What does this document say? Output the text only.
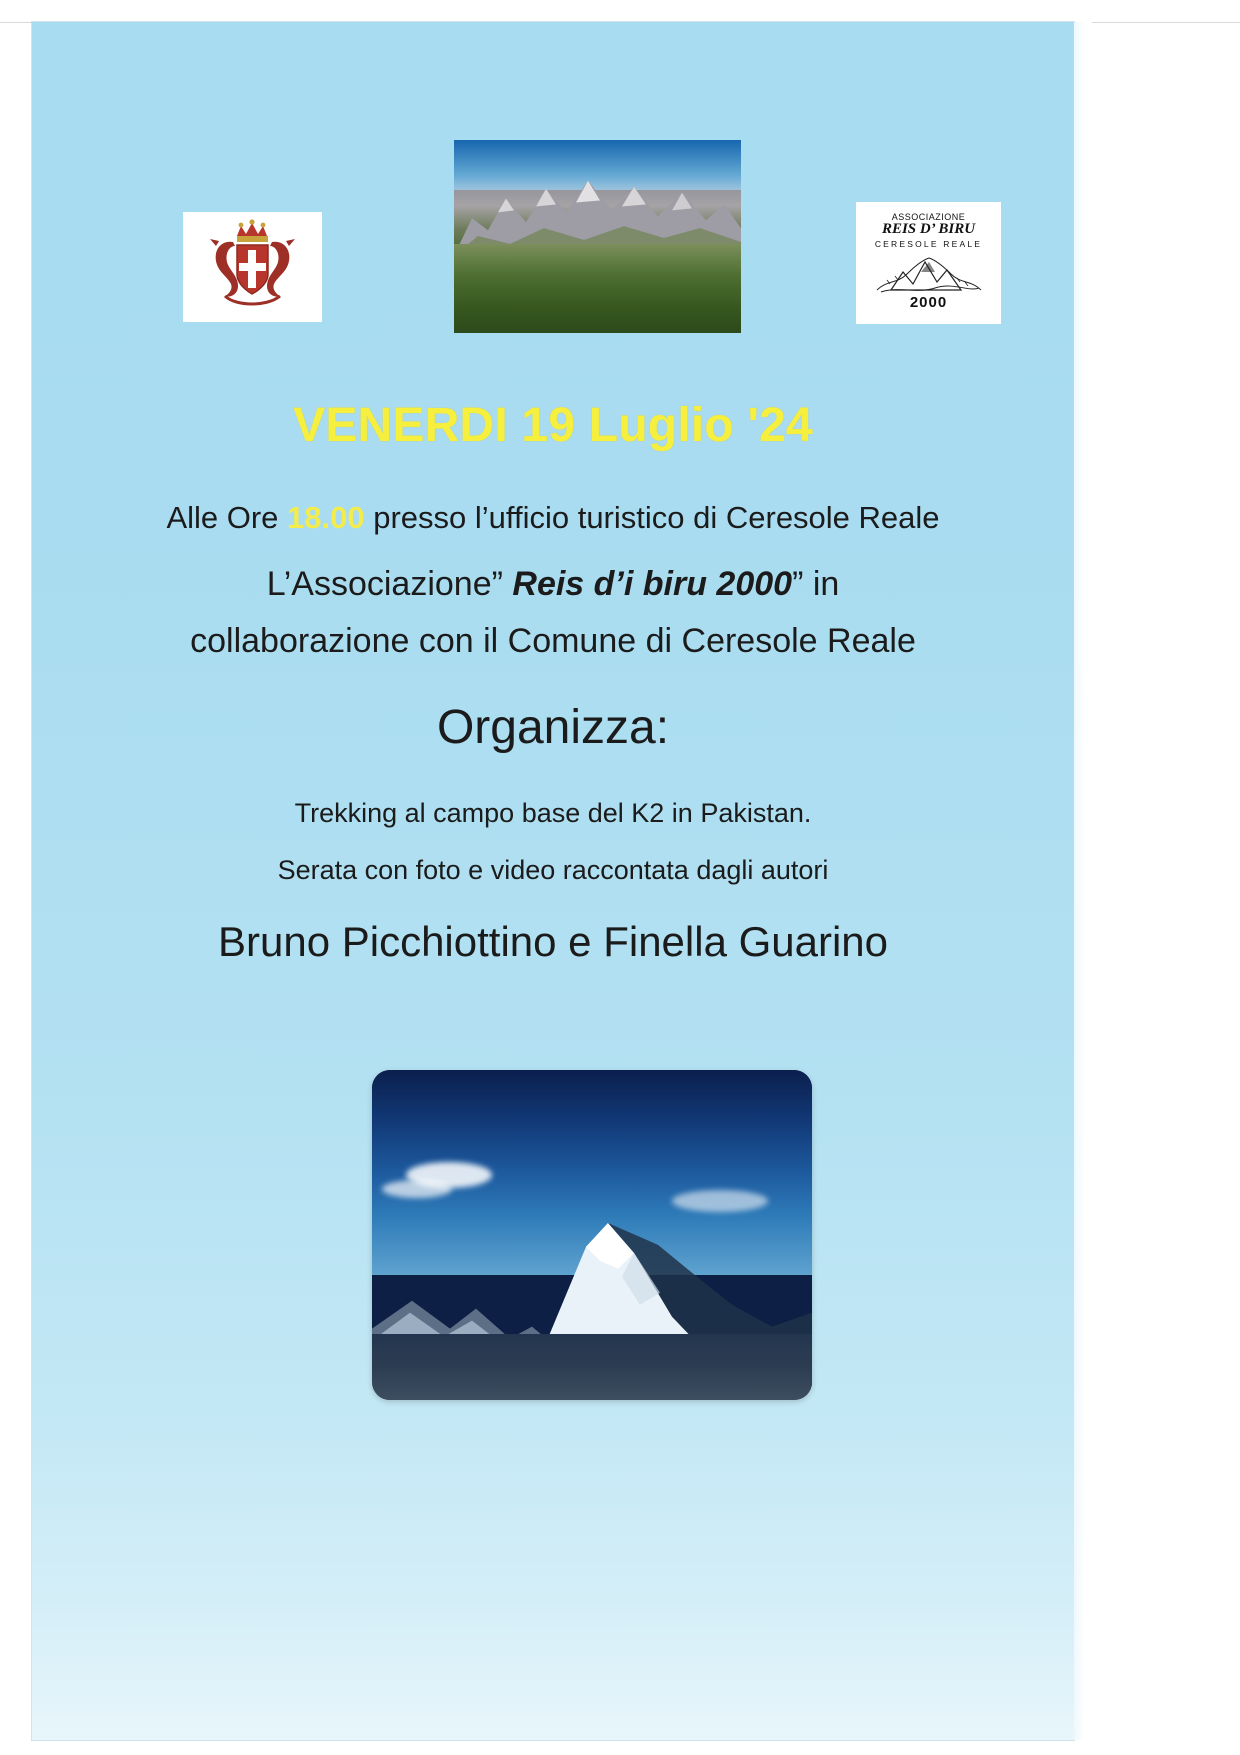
ASSOCIAZIONE
REIS D’ BIRU
CERESOLE REALE
2000
VENERDI 19 Luglio '24
Alle Ore 18.00 presso l’ufficio turistico di Ceresole Reale
L’Associazione” Reis d’i biru 2000” in
collaborazione con il Comune di Ceresole Reale
Organizza:
Trekking al campo base del K2 in Pakistan.
Serata con foto e video raccontata dagli autori
Bruno Picchiottino e Finella Guarino
